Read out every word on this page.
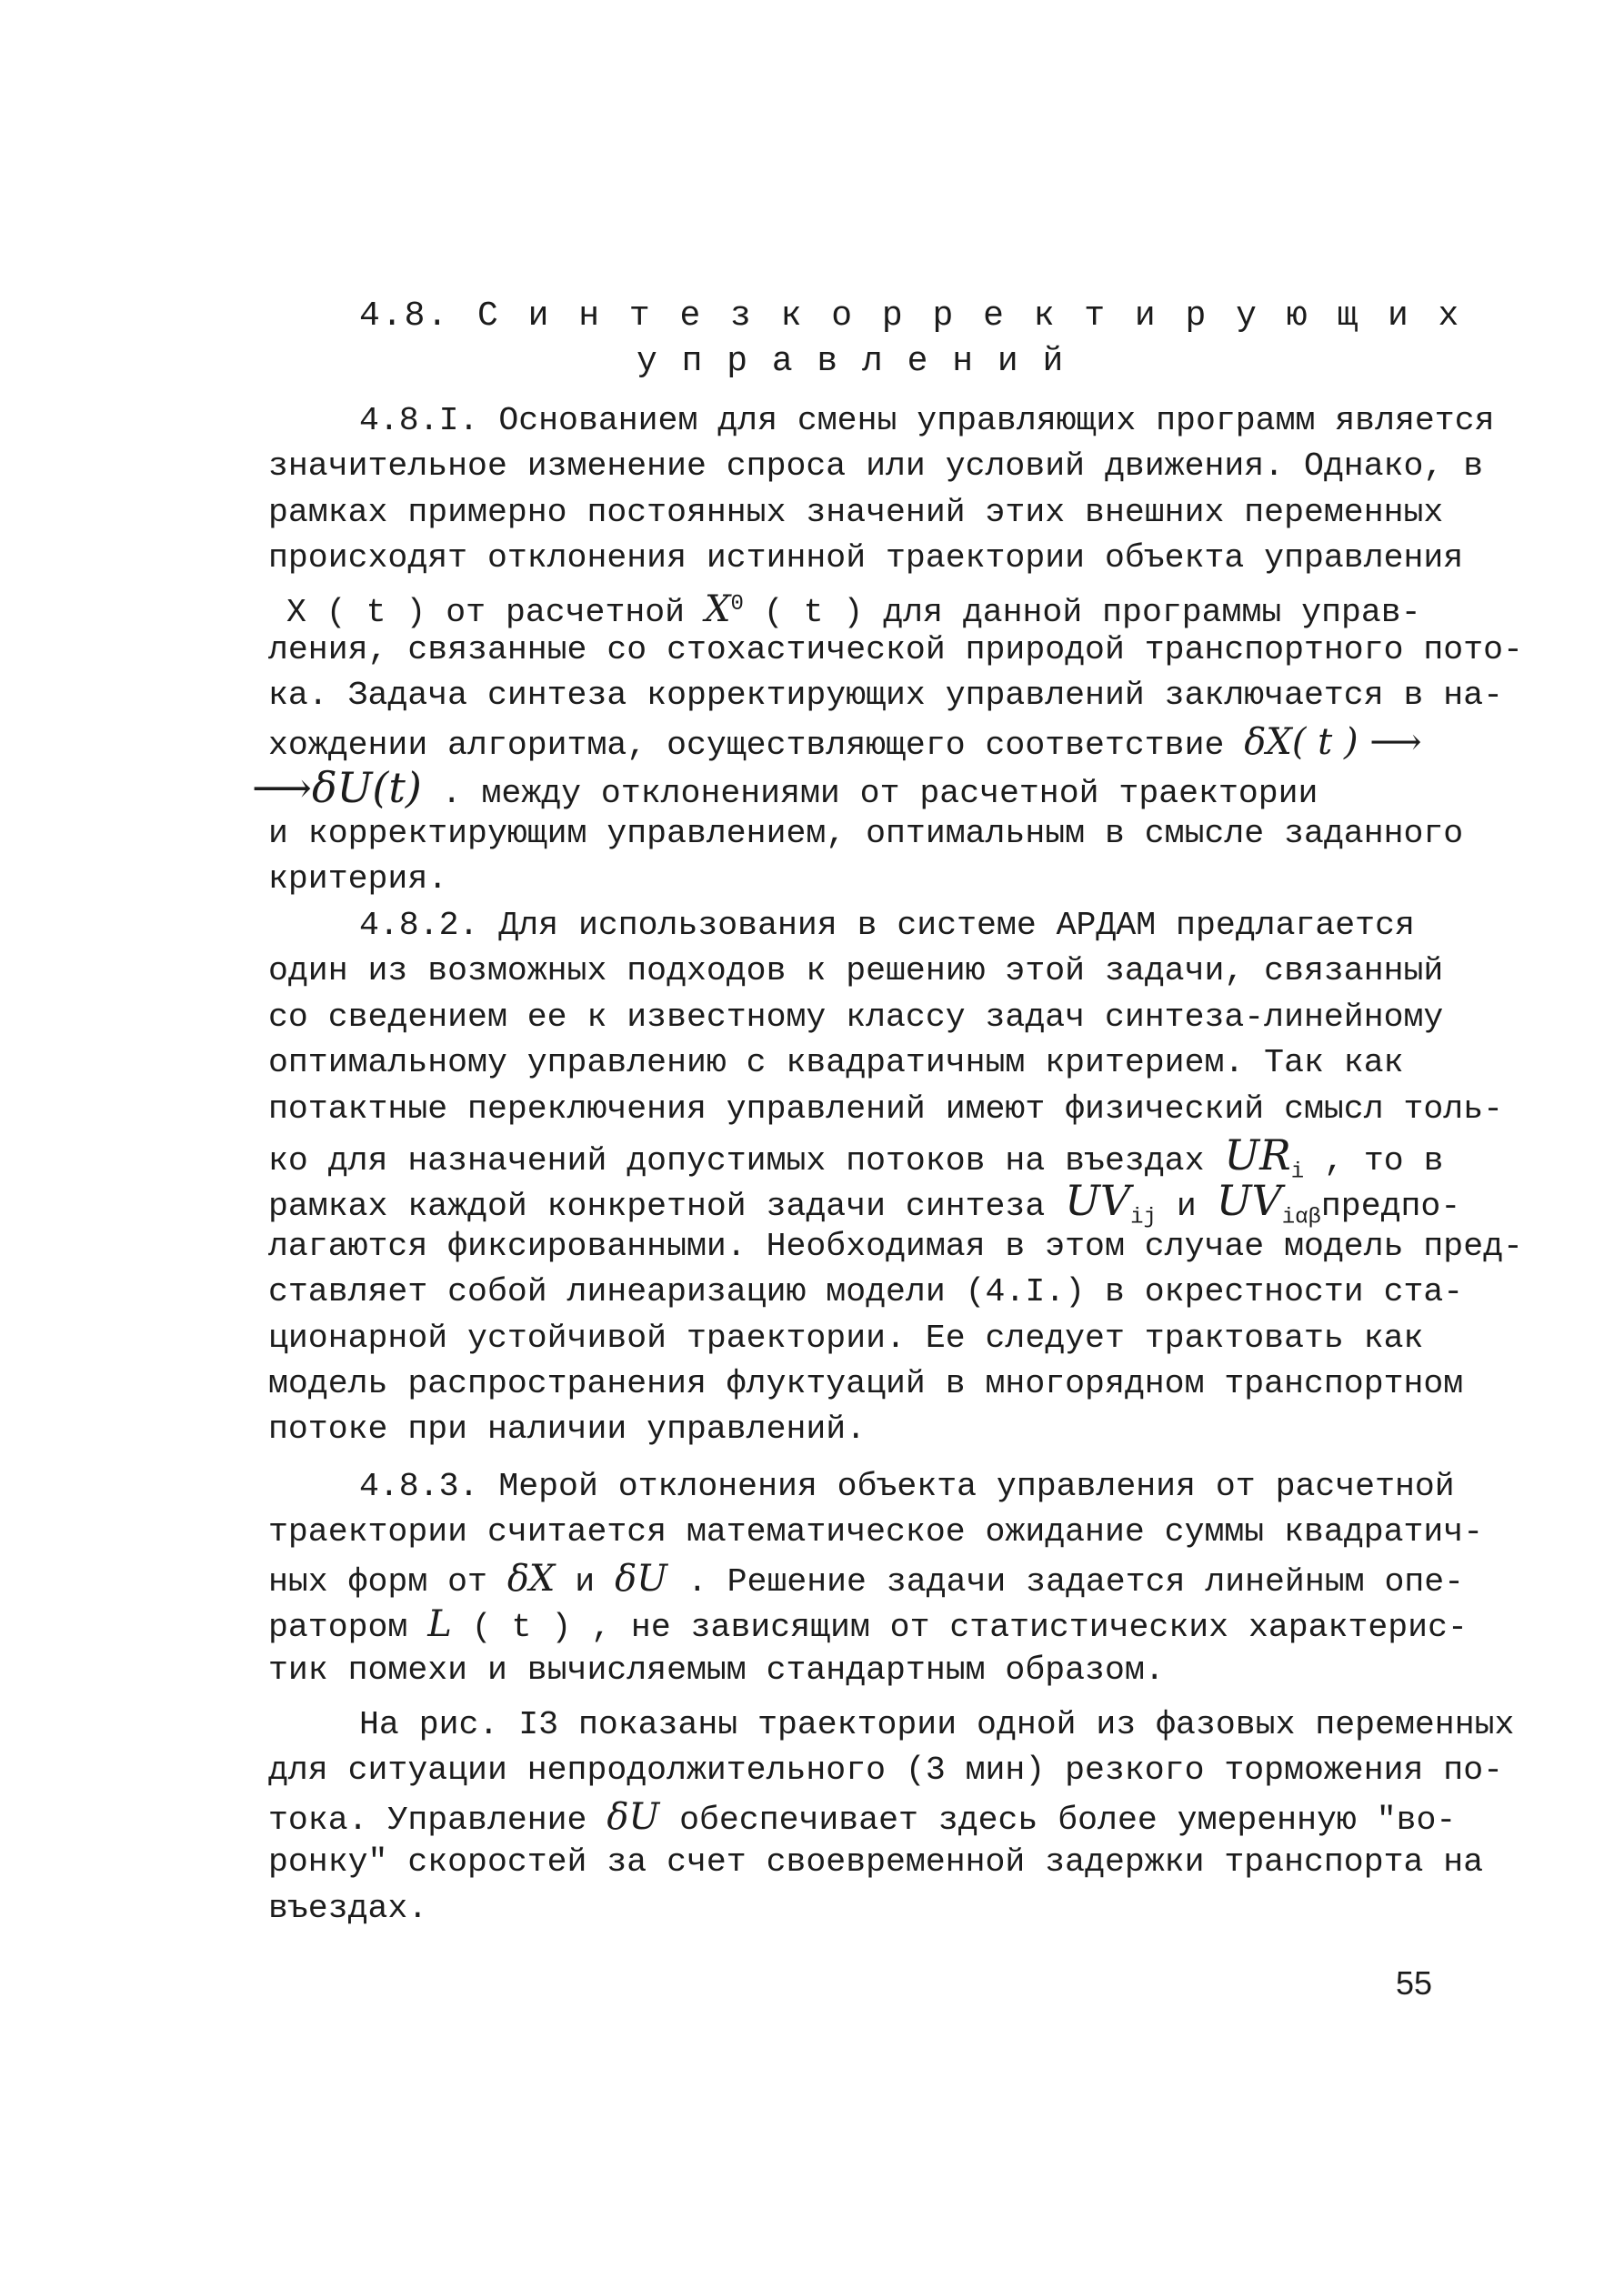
4.8. С и н т е з к о р р е к т и р у ю щ и х
у п р а в л е н и й
4.8.I. Основанием для смены управляющих программ является
значительное изменение спроса или условий движения. Однако, в
рамках примерно постоянных значений этих внешних переменных
происходят отклонения истинной траектории объекта управления
X ( t ) от расчетной $X^0$ ( t ) для данной программы управ-
ления, связанные со стохастической природой транспортного пото-
ка. Задача синтеза корректирующих управлений заключается в на-
хождении алгоритма, осуществляющего соответствие δX( t ) ⟶
⟶δU(t) . между отклонениями от расчетной траектории
и корректирующим управлением, оптимальным в смысле заданного
критерия.
4.8.2. Для использования в системе АРДАМ предлагается
один из возможных подходов к решению этой задачи, связанный
со сведением ее к известному классу задач синтеза-линейному
оптимальному управлению с квадратичным критерием. Так как
потактные переключения управлений имеют физический смысл толь-
ко для назначений допустимых потоков на въездах $UR_i$ , то в
рамках каждой конкретной задачи синтеза $UV_{ij}$ и $UV_{i\alpha\beta}предпо-$
лагаются фиксированными. Необходимая в этом случае модель пред-
ставляет собой линеаризацию модели (4.I.) в окрестности ста-
ционарной устойчивой траектории. Ее следует трактовать как
модель распространения флуктуаций в многорядном транспортном
потоке при наличии управлений.
4.8.3. Мерой отклонения объекта управления от расчетной
траектории считается математическое ожидание суммы квадратич-
ных форм от δX и δU . Решение задачи задается линейным опе-
ратором L ( t ) , не зависящим от статистических характерис-
тик помехи и вычисляемым стандартным образом.
На рис. I3 показаны траектории одной из фазовых переменных
для ситуации непродолжительного (3 мин) резкого торможения по-
тока. Управление δU обеспечивает здесь более умеренную "во-
ронку" скоростей за счет своевременной задержки транспорта на
въездах.
55
